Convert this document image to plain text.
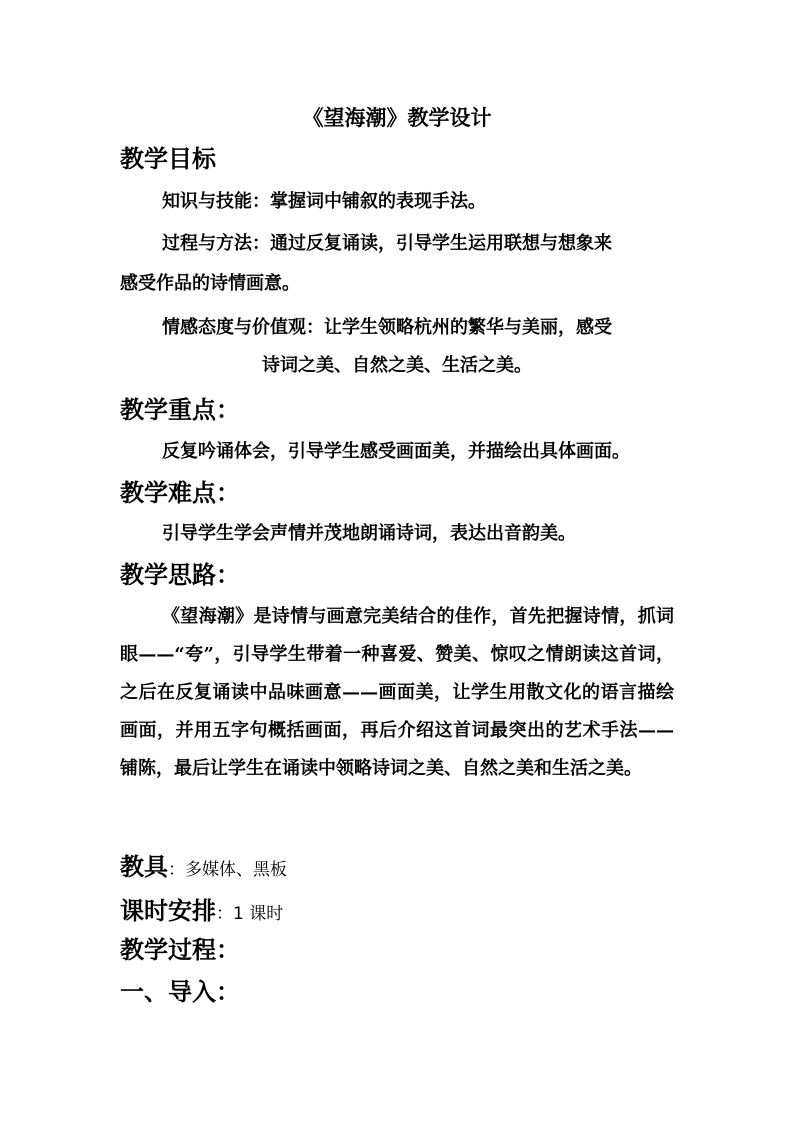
《望海潮》教学设计
教学目标
知识与技能：掌握词中铺叙的表现手法。
过程与方法：通过反复诵读，引导学生运用联想与想象来
感受作品的诗情画意。
情感态度与价值观：让学生领略杭州的繁华与美丽，感受
诗词之美、自然之美、生活之美。
教学重点：
反复吟诵体会，引导学生感受画面美，并描绘出具体画面。
教学难点：
引导学生学会声情并茂地朗诵诗词，表达出音韵美。
教学思路：
《望海潮》是诗情与画意完美结合的佳作，首先把握诗情，抓词眼——“夸”，引导学生带着一种喜爱、赞美、惊叹之情朗读这首词，之后在反复诵读中品味画意——画面美，让学生用散文化的语言描绘画面，并用五字句概括画面，再后介绍这首词最突出的艺术手法——铺陈，最后让学生在诵读中领略诗词之美、自然之美和生活之美。
教具：多媒体、黑板
课时安排：1 课时
教学过程：
一、导入：
